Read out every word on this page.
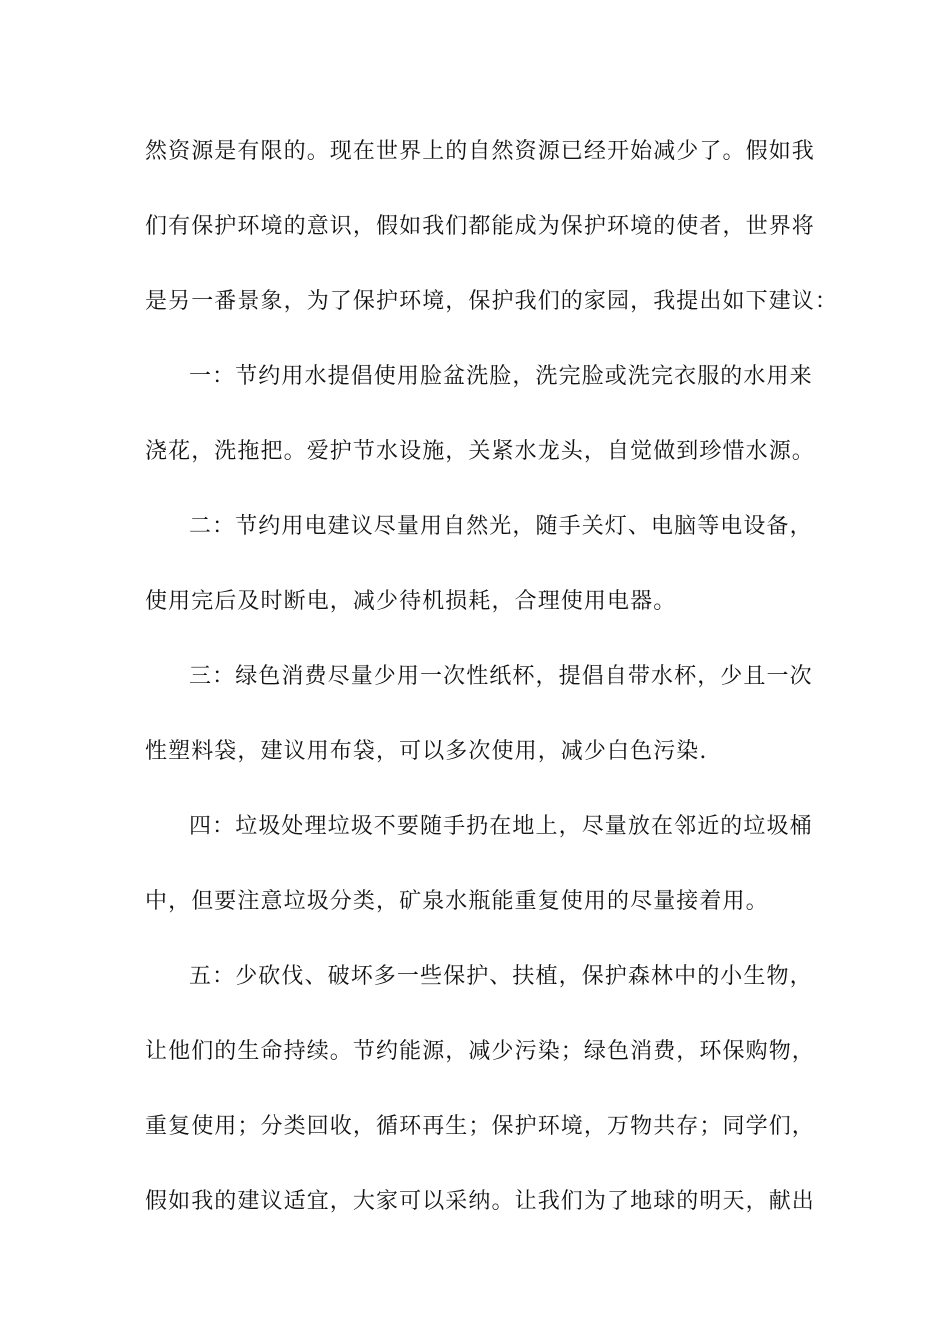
然资源是有限的。现在世界上的自然资源已经开始减少了。假如我
们有保护环境的意识，假如我们都能成为保护环境的使者，世界将
是另一番景象，为了保护环境，保护我们的家园，我提出如下建议：
一：节约用水提倡使用脸盆洗脸，洗完脸或洗完衣服的水用来
浇花，洗拖把。爱护节水设施，关紧水龙头，自觉做到珍惜水源。
二：节约用电建议尽量用自然光，随手关灯、电脑等电设备，
使用完后及时断电，减少待机损耗，合理使用电器。
三：绿色消费尽量少用一次性纸杯，提倡自带水杯，少且一次
性塑料袋，建议用布袋，可以多次使用，减少白色污染.
四：垃圾处理垃圾不要随手扔在地上，尽量放在邻近的垃圾桶
中，但要注意垃圾分类，矿泉水瓶能重复使用的尽量接着用。
五：少砍伐、破坏多一些保护、扶植，保护森林中的小生物，
让他们的生命持续。节约能源，减少污染；绿色消费，环保购物，
重复使用；分类回收，循环再生；保护环境，万物共存；同学们，
假如我的建议适宜，大家可以采纳。让我们为了地球的明天，献出
